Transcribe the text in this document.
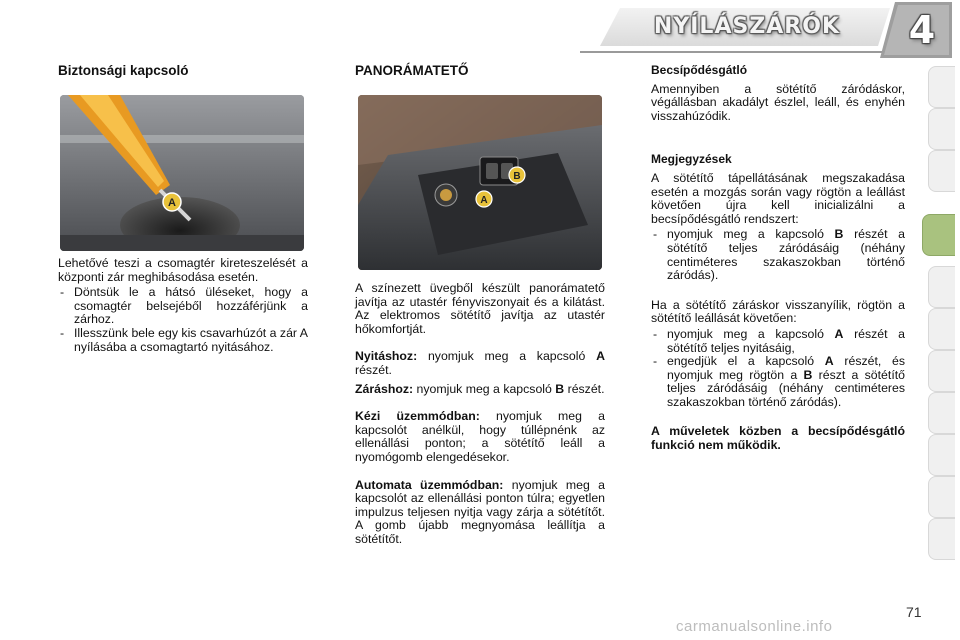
NYÍLÁSZÁRÓK 4
Biztonsági kapcsoló
A

Lehetővé teszi a csomagtér kireteszelését a központi zár meghibásodása esetén.

- Döntsük le a hátsó üléseket, hogy a csomagtér belsejéből hozzáférjünk a zárhoz.
- Illesszünk bele egy kis csavarhúzót a zár A nyílásába a csomagtartó nyitásához.
PANORÁMATETŐ
B
A

A színezett üvegből készült panorámatető javítja az utastér fényviszonyait és a kilátást. Az elektromos sötétítő javítja az utastér hőkomfortját.

Nyitáshoz: nyomjuk meg a kapcsoló A részét.

Záráshoz: nyomjuk meg a kapcsoló B részét.

Kézi üzemmódban: nyomjuk meg a kapcsolót anélkül, hogy túllépnénk az ellenállási ponton; a sötétítő leáll a nyomógomb elengedésekor.

Automata üzemmódban: nyomjuk meg a kapcsolót az ellenállási ponton túlra; egyetlen impulzus teljesen nyitja vagy zárja a sötétítőt. A gomb újabb megnyomása leállítja a sötétítőt.

Becsípődésgátló

Amennyiben a sötétítő záródáskor, végállásban akadályt észlel, leáll, és enyhén visszahúzódik.

Megjegyzések

A sötétítő tápellátásának megszakadása esetén a mozgás során vagy rögtön a leállást követően újra kell inicializálni a becsípődésgátló rendszert:

- nyomjuk meg a kapcsoló B részét a sötétítő teljes záródásáig (néhány centiméteres szakaszokban történő záródás).

Ha a sötétítő záráskor visszanyílik, rögtön a sötétítő leállását követően:

- nyomjuk meg a kapcsoló A részét a sötétítő teljes nyitásáig,
- engedjük el a kapcsoló A részét, és nyomjuk meg rögtön a B részt a sötétítő teljes záródásáig (néhány centiméteres szakaszokban történő záródás).

A műveletek közben a becsípődésgátló funkció nem működik.

71
carmanualsonline.info
